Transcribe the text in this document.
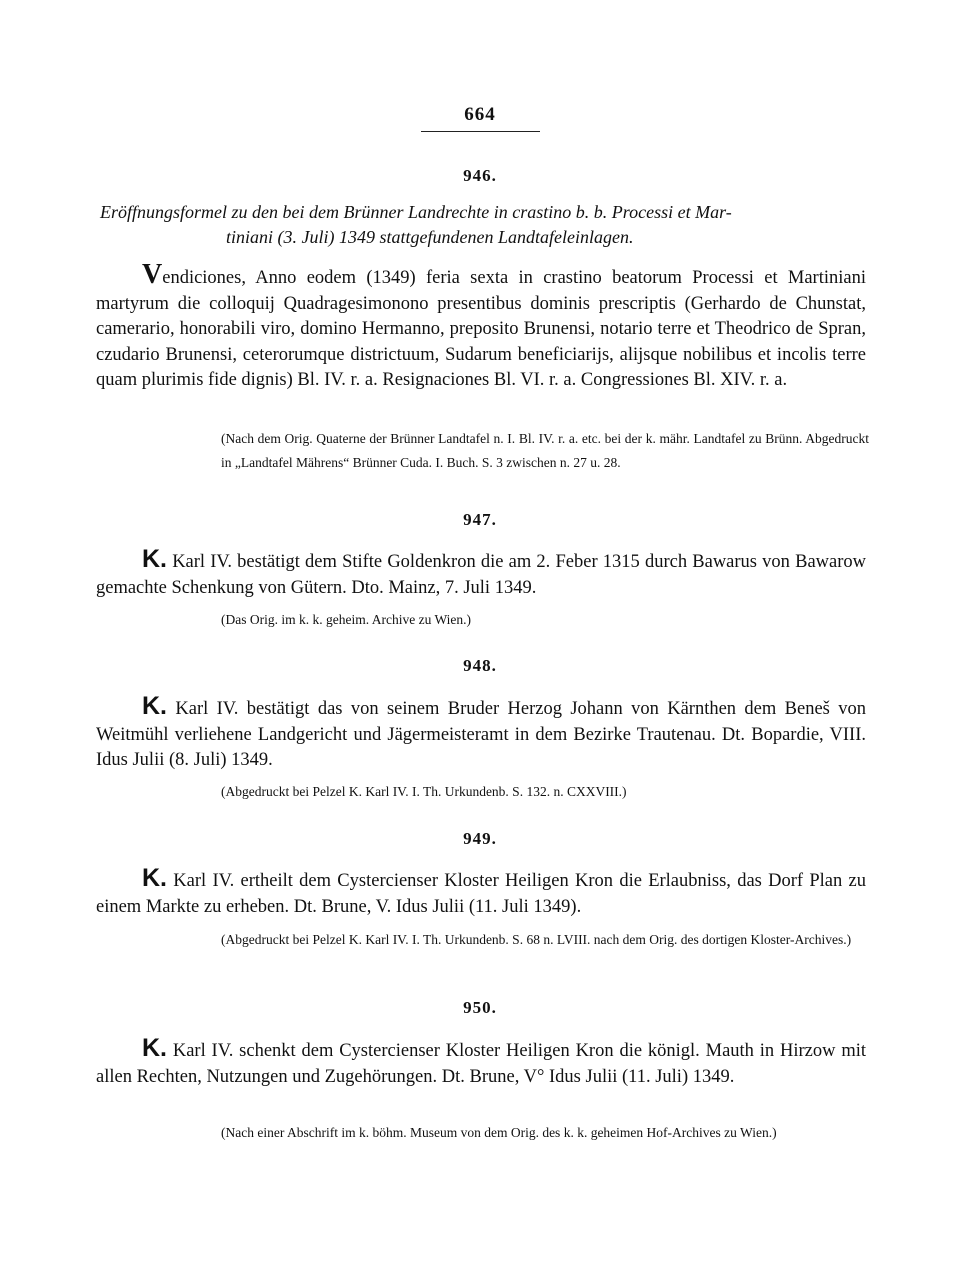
664
946.
Eröffnungsformel zu den bei dem Brünner Landrechte in crastino b. b. Processi et Mar-
tiniani (3. Juli) 1349 stattgefundenen Landtafeleinlagen.
Vendiciones, Anno eodem (1349) feria sexta in crastino beatorum Processi et Martiniani martyrum die colloquij Quadragesimonono presentibus dominis prescriptis (Gerhardo de Chunstat, camerario, honorabili viro, domino Hermanno, preposito Brunensi, notario terre et Theodrico de Spran, czudario Brunensi, ceterorumque districtuum, Sudarum beneficiarijs, alijsque nobilibus et incolis terre quam plurimis fide dignis) Bl. IV. r. a. Resignaciones Bl. VI. r. a. Congressiones Bl. XIV. r. a.
(Nach dem Orig. Quaterne der Brünner Landtafel n. I. Bl. IV. r. a. etc. bei der k. mähr. Landtafel zu Brünn. Abgedruckt in „Landtafel Mährens“ Brünner Cuda. I. Buch. S. 3 zwischen n. 27 u. 28.
947.
K. Karl IV. bestätigt dem Stifte Goldenkron die am 2. Feber 1315 durch Bawarus von Bawarow gemachte Schenkung von Gütern. Dto. Mainz, 7. Juli 1349.
(Das Orig. im k. k. geheim. Archive zu Wien.)
948.
K. Karl IV. bestätigt das von seinem Bruder Herzog Johann von Kärnthen dem Beneš von Weitmühl verliehene Landgericht und Jägermeisteramt in dem Bezirke Trautenau. Dt. Bopardie, VIII. Idus Julii (8. Juli) 1349.
(Abgedruckt bei Pelzel K. Karl IV. I. Th. Urkundenb. S. 132. n. CXXVIII.)
949.
K. Karl IV. ertheilt dem Cystercienser Kloster Heiligen Kron die Erlaubniss, das Dorf Plan zu einem Markte zu erheben. Dt. Brune, V. Idus Julii (11. Juli 1349).
(Abgedruckt bei Pelzel K. Karl IV. I. Th. Urkundenb. S. 68 n. LVIII. nach dem Orig. des dortigen Kloster-Archives.)
950.
K. Karl IV. schenkt dem Cystercienser Kloster Heiligen Kron die königl. Mauth in Hirzow mit allen Rechten, Nutzungen und Zugehörungen. Dt. Brune, V° Idus Julii (11. Juli) 1349.
(Nach einer Abschrift im k. böhm. Museum von dem Orig. des k. k. geheimen Hof-Archives zu Wien.)
